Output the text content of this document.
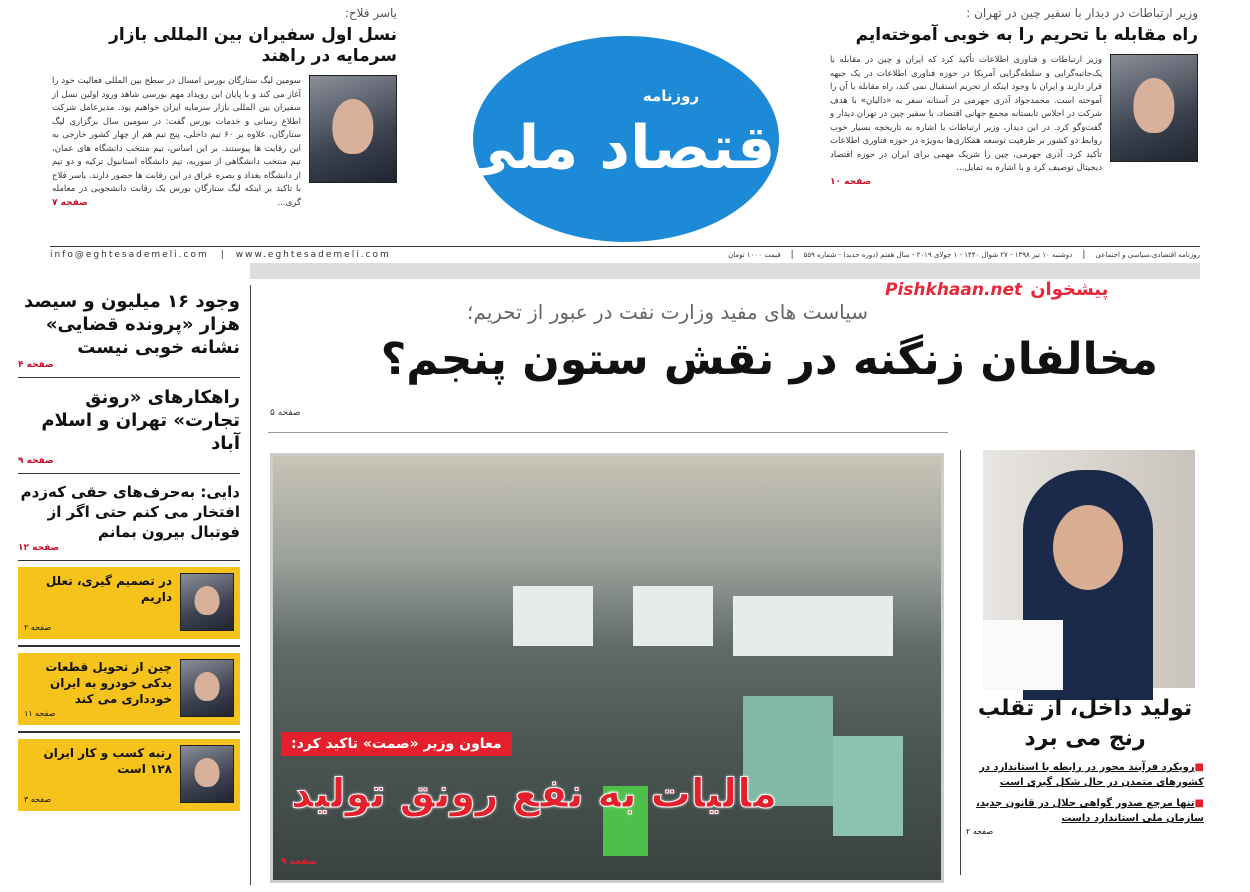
وزیر ارتباطات در دیدار با سفیر چین در تهران :
راه مقابله با تحریم را به خوبی آموخته‌ایم
وزیر ارتباطات و فناوری اطلاعات تأکید کرد که ایران و چین در مقابله با یک‌جانبه‌گرایی و سلطه‌گرایی آمریکا در حوزه فناوری اطلاعات در یک جبهه قرار دارند و ایران با وجود اینکه از تحریم استقبال نمی کند، راه مقابله با آن را آموخته است. محمدجواد آذری جهرمی در آستانه سفر به «دالیان» با هدف شرکت در اجلاس تابستانه مجمع جهانی اقتصاد، با سفیر چین در تهران دیدار و گفت‌وگو کرد. در این دیدار، وزیر ارتباطات با اشاره به تاریخچه بسیار خوب روابط دو کشور بر ظرفیت توسعه همکاری‌ها به‌ویژه در حوزه فناوری اطلاعات تأکید کرد. آذری جهرمی، چین را شریک مهمی برای ایران در حوزه اقتصاد دیجیتال توصیف کرد و با اشاره به تمایل...
صفحه ۱۰
یاسر فلاح:
نسل اول سفیران بین المللی بازار سرمایه در راهند
سومین لیگ ستارگان بورس امسال در سطح بین المللی فعالیت خود را آغاز می کند و با پایان این رویداد مهم بورسی شاهد ورود اولین نسل از سفیران بین المللی بازار سرمایه ایران خواهیم بود. مدیرعامل شرکت اطلاع رسانی و خدمات بورس گفت: در سومین سال برگزاری لیگ ستارگان، علاوه بر ۶۰ تیم داخلی، پنج تیم هم از چهار کشور خارجی به این رقابت ها پیوستند. بر این اساس، تیم منتخب دانشگاه های عمان، تیم منتخب دانشگاهی از سوریه، تیم دانشگاه استانبول ترکیه و دو تیم از دانشگاه بغداد و بصره عراق در این رقابت ها حضور دارند. یاسر فلاح با تاکید بر اینکه لیگ ستارگان بورس یک رقابت دانشجویی در معامله گری...
صفحه ۷
روزنامه
اقتصاد ملی
info@eghtesademeli.com | www.eghtesademeli.com	قیمت ۱۰۰۰ تومان | دوشنبه ۱۰ تیر ۱۳۹۸ - ۲۷ شوال ۱۴۴۰ - ۱ جولای ۲۰۱۹ - سال هفتم (دوره جدید) - شماره ۵۵۹ | روزنامه اقتصادی،سیاسی و اجتماعی
Pishkhaan.net پیشخوان
سیاست های مفید وزارت نفت در عبور از تحریم؛
مخالفان زنگنه در نقش ستون پنجم؟
صفحه ۵
معاون وزیر «صمت» تاکید کرد:
مالیات به نفع رونق تولید
صفحه ۹
وجود ۱۶ میلیون و سیصد هزار «پرونده قضایی» نشانه خوبی نیست
صفحه ۴
راهکارهای «رونق تجارت» تهران و اسلام آباد
صفحه ۹
دایی: به‌حرف‌های حقی که‌زدم افتخار می کنم حتی اگر از فوتبال بیرون بمانم
صفحه ۱۲
در تصمیم گیری، تعلل داریم
صفحه ۲
چین از تحویل قطعات یدکی خودرو به ایران خودداری می کند
صفحه ۱۱
رتبه کسب و کار ایران ۱۲۸ است
صفحه ۳
تولید داخل، از تقلب رنج می برد
■رویکرد فرآیند محور در رابطه با استاندارد در کشورهای متمدن در حال شکل گیری است
■تنها مرجع صدور گواهی حلال در قانون جدید، سازمان ملی استاندارد داست
صفحه ۲
